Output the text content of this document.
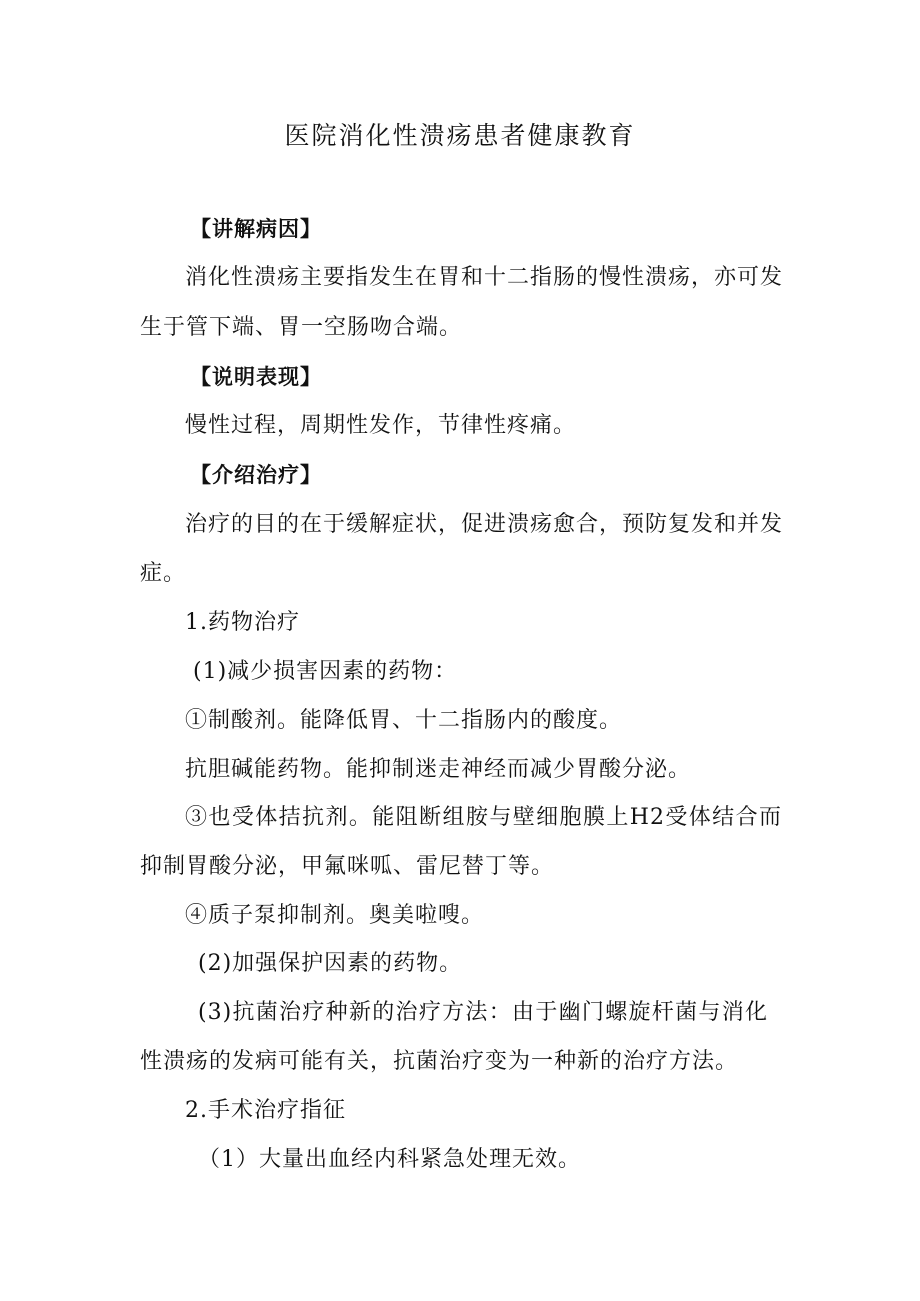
医院消化性溃疡患者健康教育
【讲解病因】
消化性溃疡主要指发生在胃和十二指肠的慢性溃疡，亦可发
生于管下端、胃一空肠吻合端。
【说明表现】
慢性过程，周期性发作，节律性疼痛。
【介绍治疗】
治疗的目的在于缓解症状，促进溃疡愈合，预防复发和并发
症。
1.药物治疗
(1)减少损害因素的药物：
①制酸剂。能降低胃、十二指肠内的酸度。
抗胆碱能药物。能抑制迷走神经而减少胃酸分泌。
③也受体拮抗剂。能阻断组胺与壁细胞膜上H2受体结合而
抑制胃酸分泌，甲氟咪呱、雷尼替丁等。
④质子泵抑制剂。奥美啦嗖。
(2)加强保护因素的药物。
(3)抗菌治疗种新的治疗方法：由于幽门螺旋杆菌与消化
性溃疡的发病可能有关，抗菌治疗变为一种新的治疗方法。
2.手术治疗指征
（1）大量出血经内科紧急处理无效。
